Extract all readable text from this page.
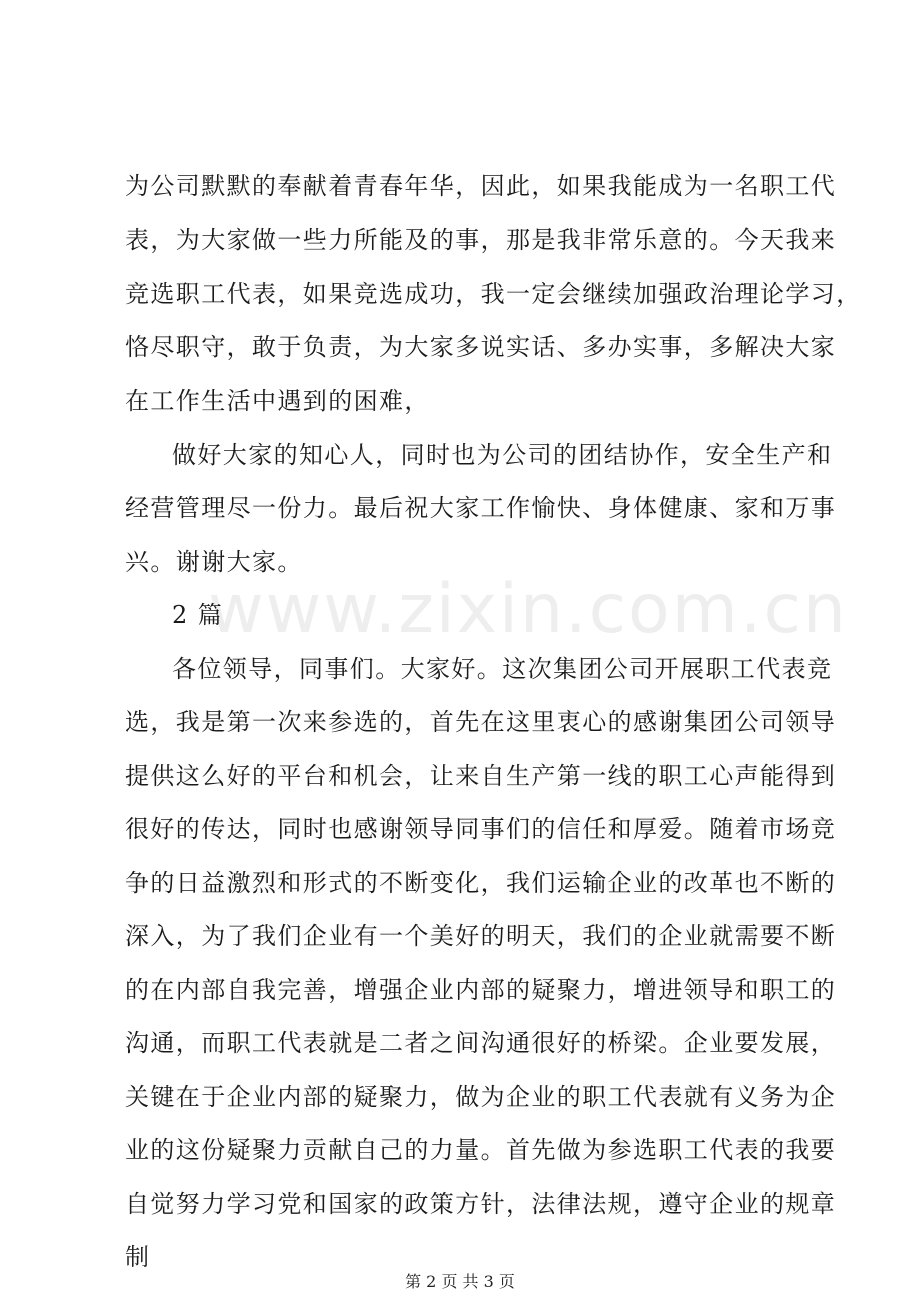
www.zixin.com.cn
为公司默默的奉献着青春年华，因此，如果我能成为一名职工代
表，为大家做一些力所能及的事，那是我非常乐意的。今天我来
竞选职工代表，如果竞选成功，我一定会继续加强政治理论学习，
恪尽职守，敢于负责，为大家多说实话、多办实事，多解决大家
在工作生活中遇到的困难，
做好大家的知心人，同时也为公司的团结协作，安全生产和
经营管理尽一份力。最后祝大家工作愉快、身体健康、家和万事
兴。谢谢大家。
2 篇
各位领导，同事们。大家好。这次集团公司开展职工代表竞
选，我是第一次来参选的，首先在这里衷心的感谢集团公司领导
提供这么好的平台和机会，让来自生产第一线的职工心声能得到
很好的传达，同时也感谢领导同事们的信任和厚爱。随着市场竞
争的日益激烈和形式的不断变化，我们运输企业的改革也不断的
深入，为了我们企业有一个美好的明天，我们的企业就需要不断
的在内部自我完善，增强企业内部的疑聚力，增进领导和职工的
沟通，而职工代表就是二者之间沟通很好的桥梁。企业要发展，
关键在于企业内部的疑聚力，做为企业的职工代表就有义务为企
业的这份疑聚力贡献自己的力量。首先做为参选职工代表的我要
第 2 页 共 3 页
自觉努力学习党和国家的政策方针，法律法规，遵守企业的规章
制
